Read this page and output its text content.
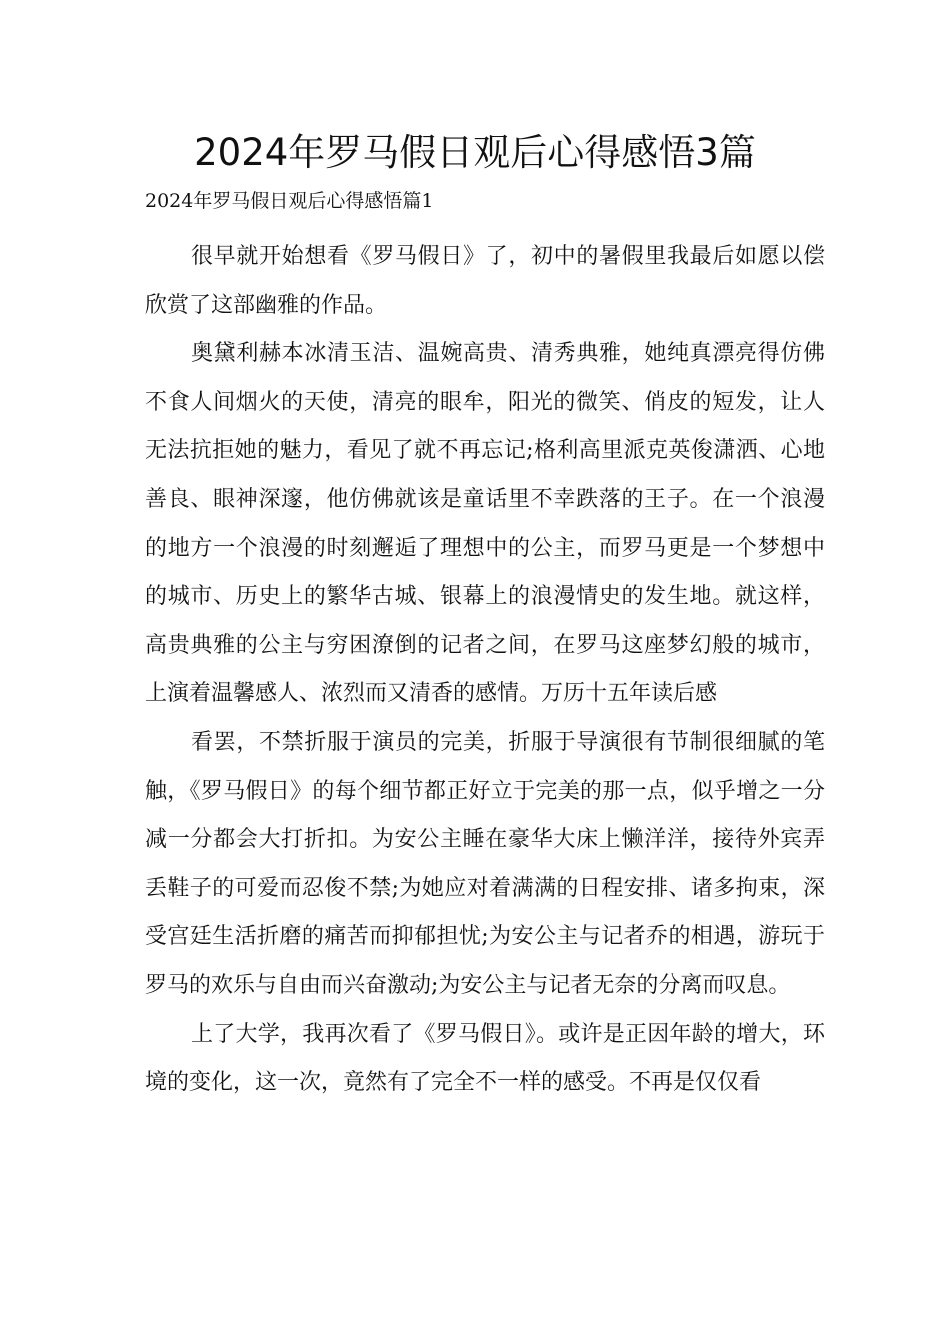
2024年罗马假日观后心得感悟3篇
2024年罗马假日观后心得感悟篇1

很早就开始想看《罗马假日》了，初中的暑假里我最后如愿以偿欣赏了这部幽雅的作品。

奥黛利赫本冰清玉洁、温婉高贵、清秀典雅，她纯真漂亮得仿佛不食人间烟火的天使，清亮的眼牟，阳光的微笑、俏皮的短发，让人无法抗拒她的魅力，看见了就不再忘记;格利高里派克英俊潇洒、心地善良、眼神深邃，他仿佛就该是童话里不幸跌落的王子。在一个浪漫的地方一个浪漫的时刻邂逅了理想中的公主，而罗马更是一个梦想中的城市、历史上的繁华古城、银幕上的浪漫情史的发生地。就这样，高贵典雅的公主与穷困潦倒的记者之间，在罗马这座梦幻般的城市，上演着温馨感人、浓烈而又清香的感情。万历十五年读后感

看罢，不禁折服于演员的完美，折服于导演很有节制很细腻的笔触，《罗马假日》的每个细节都正好立于完美的那一点，似乎增之一分减一分都会大打折扣。为安公主睡在豪华大床上懒洋洋，接待外宾弄丢鞋子的可爱而忍俊不禁;为她应对着满满的日程安排、诸多拘束，深受宫廷生活折磨的痛苦而抑郁担忧;为安公主与记者乔的相遇，游玩于罗马的欢乐与自由而兴奋激动;为安公主与记者无奈的分离而叹息。

上了大学，我再次看了《罗马假日》。或许是正因年龄的增大，环境的变化，这一次，竟然有了完全不一样的感受。不再是仅仅看
